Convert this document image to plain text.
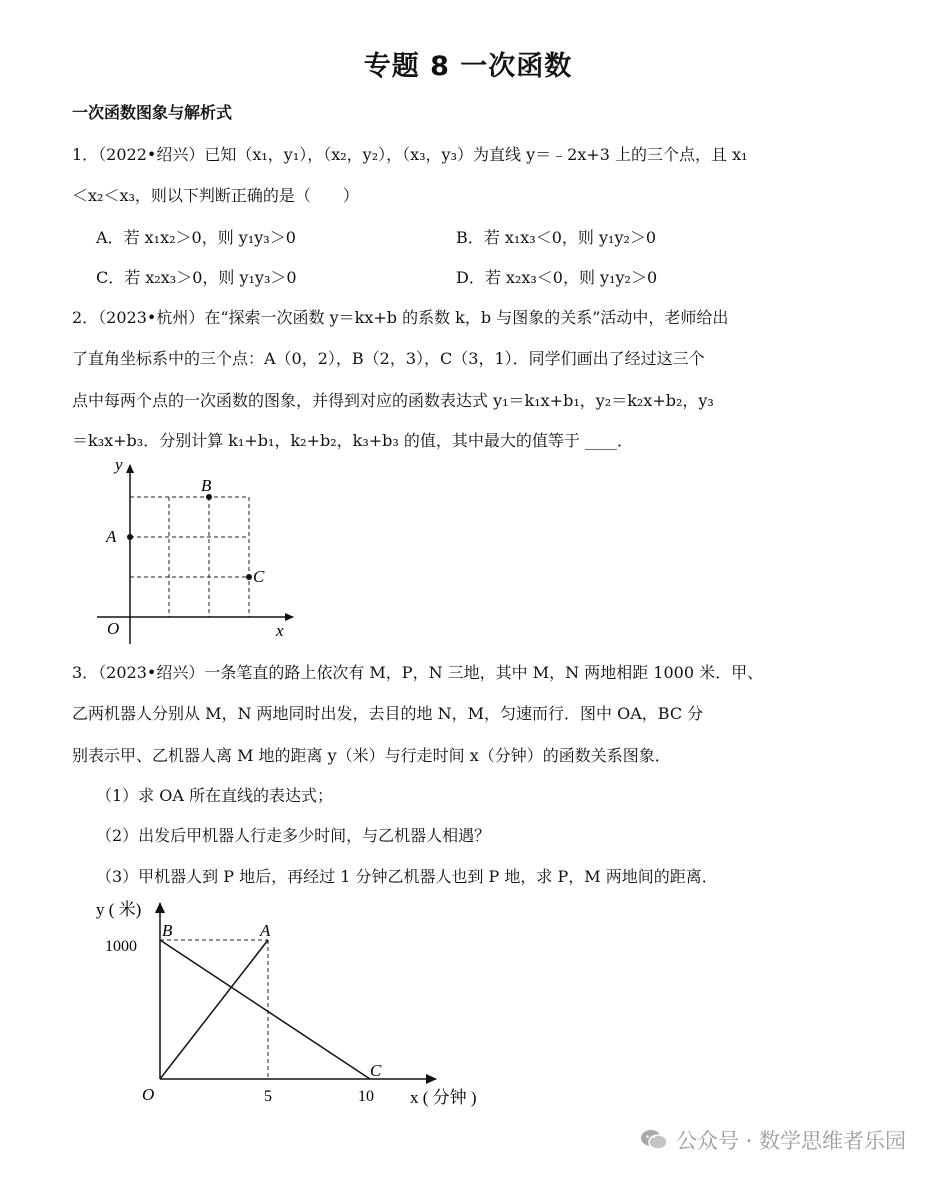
专题 8 一次函数
一次函数图象与解析式
1．（2022•绍兴）已知（x₁，y₁），（x₂，y₂），（x₃，y₃）为直线 y＝﹣2x+3 上的三个点，且 x₁
＜x₂＜x₃，则以下判断正确的是（　　）
A．若 x₁x₂＞0，则 y₁y₃＞0	B．若 x₁x₃＜0，则 y₁y₂＞0
C．若 x₂x₃＞0，则 y₁y₃＞0	D．若 x₂x₃＜0，则 y₁y₂＞0
2．（2023•杭州）在“探索一次函数 y＝kx+b 的系数 k，b 与图象的关系”活动中，老师给出
了直角坐标系中的三个点：A（0，2），B（2，3），C（3，1）．同学们画出了经过这三个
点中每两个点的一次函数的图象，并得到对应的函数表达式 y₁＝k₁x+b₁，y₂＝k₂x+b₂，y₃
＝k₃x+b₃．分别计算 k₁+b₁，k₂+b₂，k₃+b₃ 的值，其中最大的值等于 ____．
y
x
O
A
B
C
3．（2023•绍兴）一条笔直的路上依次有 M，P，N 三地，其中 M，N 两地相距 1000 米．甲、
乙两机器人分别从 M，N 两地同时出发，去目的地 N，M，匀速而行．图中 OA，BC 分
别表示甲、乙机器人离 M 地的距离 y（米）与行走时间 x（分钟）的函数关系图象．
（1）求 OA 所在直线的表达式；
（2）出发后甲机器人行走多少时间，与乙机器人相遇？
（3）甲机器人到 P 地后，再经过 1 分钟乙机器人也到 P 地，求 P，M 两地间的距离．
y ( 米)
1000
B	A
C
O	5	10 x ( 分钟 )
公众号 · 数学思维者乐园
